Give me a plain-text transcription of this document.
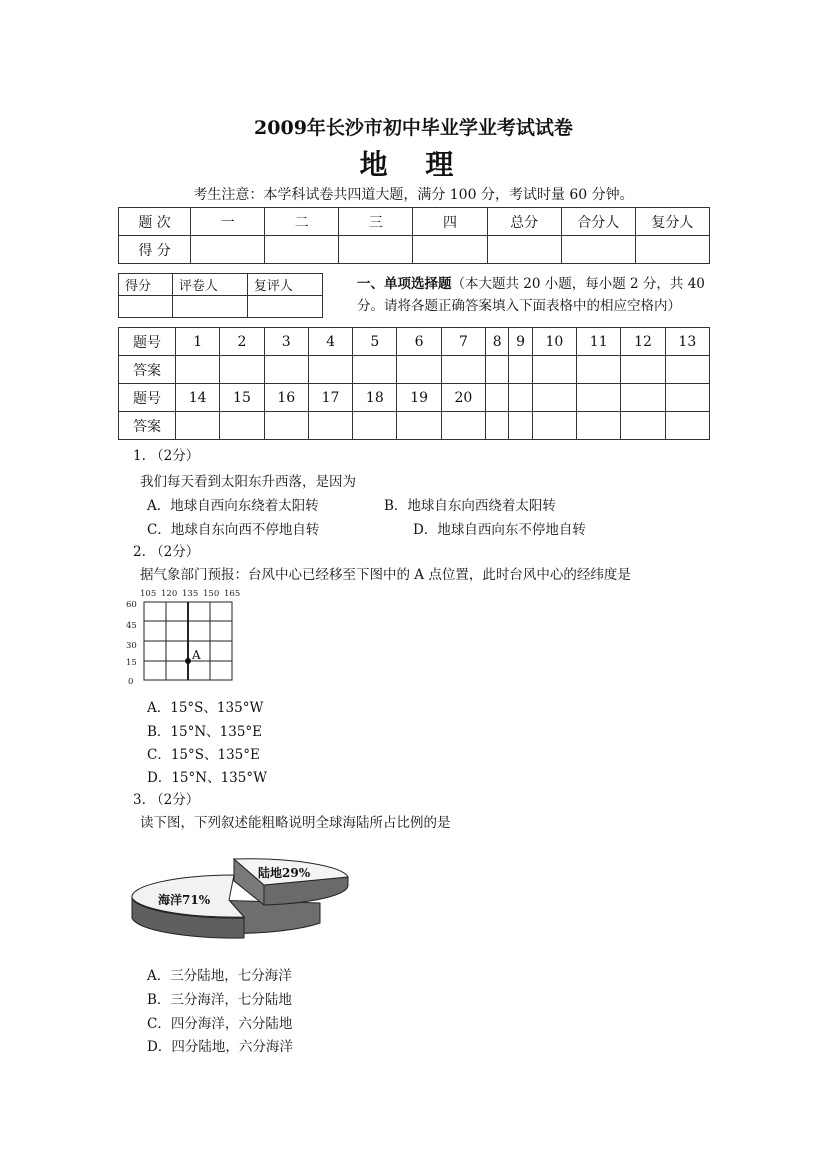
2009年长沙市初中毕业学业考试试卷
地 理
考生注意：本学科试卷共四道大题，满分 100 分，考试时量 60 分钟。
题 次	一	二	三	四	总分	合分人	复分人
得 分							
得分	评卷人	复评人
			一、单项选择题（本大题共 20 小题，每小题 2 分，共 40 分。请将各题正确答案填入下面表格中的相应空格内）
题号	1	2	3	4	5	6	7	8	9	10	11	12	13
答案													
题号	14	15	16	17	18	19	20						
答案													
1. （2分）
我们每天看到太阳东升西落，是因为
A．地球自西向东绕着太阳转	B．地球自东向西绕着太阳转
C．地球自东向西不停地自转	D．地球自西向东不停地自转
2. （2分）
据气象部门预报：台风中心已经移至下图中的 A 点位置，此时台风中心的经纬度是
105 120 135 150 165
60
45
30
15
0
A
A．15°S、135°W
B．15°N、135°E
C．15°S、135°E
D．15°N、135°W
3. （2分）
读下图，下列叙述能粗略说明全球海陆所占比例的是
陆地29%
海洋71%
A．三分陆地，七分海洋
B．三分海洋，七分陆地
C．四分海洋，六分陆地
D．四分陆地，六分海洋
